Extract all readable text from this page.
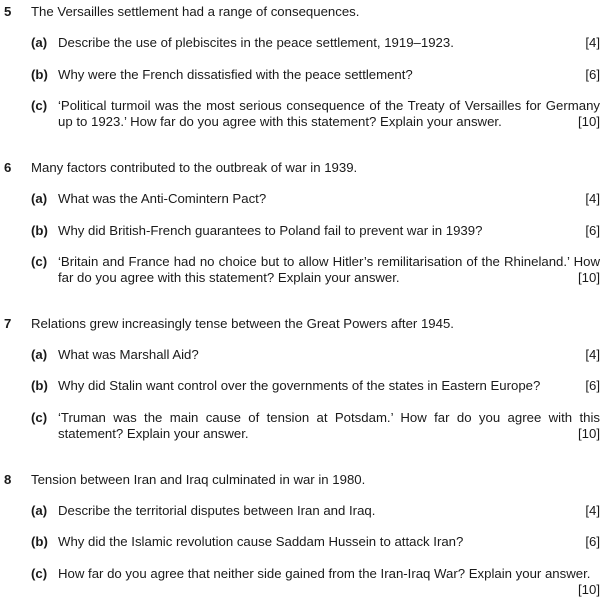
5 The Versailles settlement had a range of consequences.
(a) Describe the use of plebiscites in the peace settlement, 1919–1923.	[4]
(b) Why were the French dissatisfied with the peace settlement?	[6]
(c) ‘Political turmoil was the most serious consequence of the Treaty of Versailles for Germany
up to 1923.’ How far do you agree with this statement? Explain your answer.	[10]
6 Many factors contributed to the outbreak of war in 1939.
(a) What was the Anti-Comintern Pact?	[4]
(b) Why did British-French guarantees to Poland fail to prevent war in 1939?	[6]
(c) ‘Britain and France had no choice but to allow Hitler’s remilitarisation of the Rhineland.’ How
far do you agree with this statement? Explain your answer.	[10]
7 Relations grew increasingly tense between the Great Powers after 1945.
(a) What was Marshall Aid?	[4]
(b) Why did Stalin want control over the governments of the states in Eastern Europe?	[6]
(c) ‘Truman was the main cause of tension at Potsdam.’ How far do you agree with this
statement? Explain your answer.	[10]
8 Tension between Iran and Iraq culminated in war in 1980.
(a) Describe the territorial disputes between Iran and Iraq.	[4]
(b) Why did the Islamic revolution cause Saddam Hussein to attack Iran?	[6]
(c) How far do you agree that neither side gained from the Iran-Iraq War? Explain your answer.
[10]
